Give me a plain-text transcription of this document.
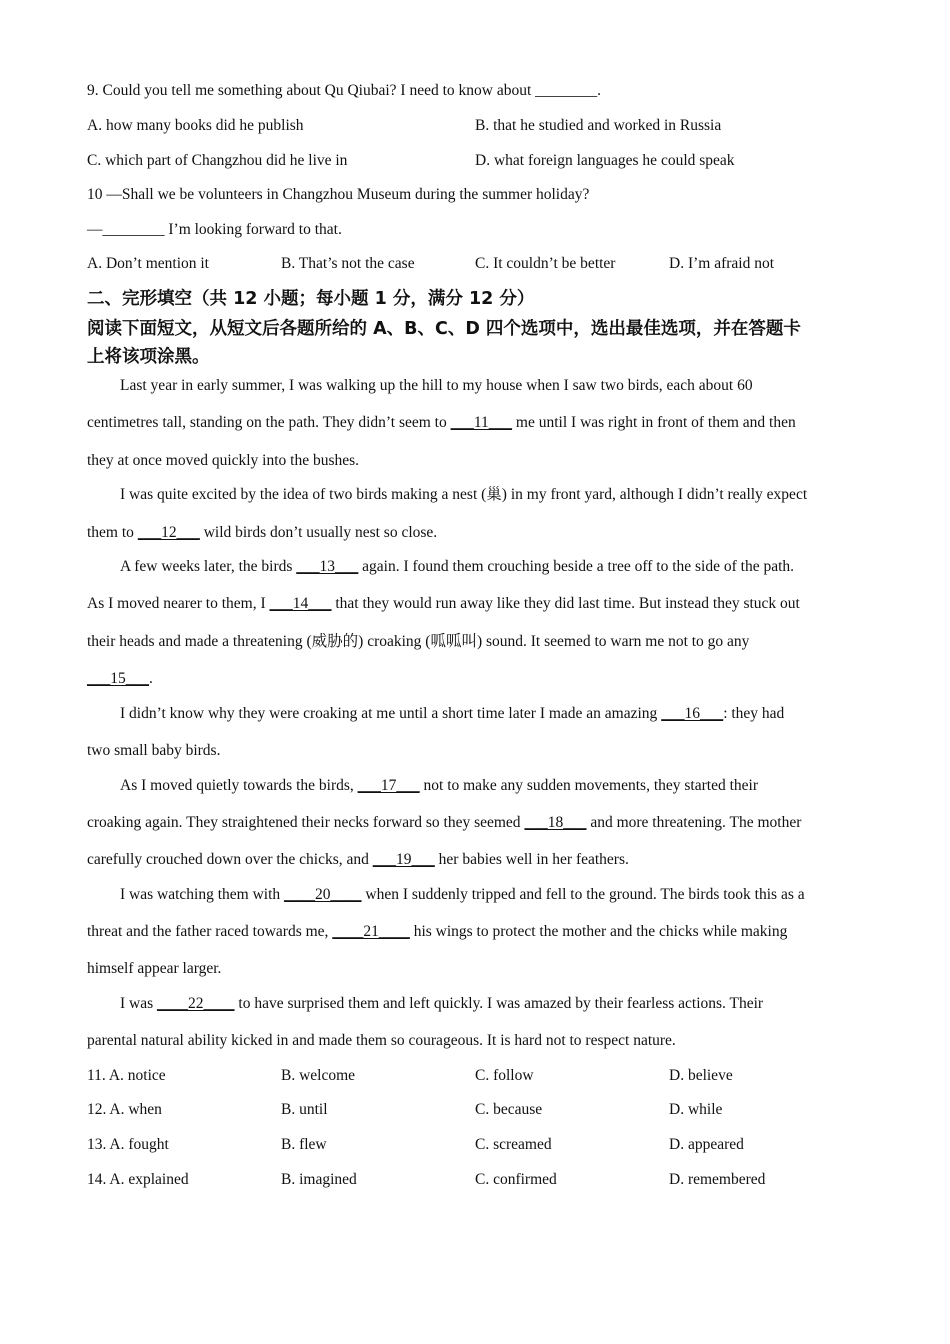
9. Could you tell me something about Qu Qiubai? I need to know about ________.
A. how many books did he publish	B. that he studied and worked in Russia
C. which part of Changzhou did he live in	D. what foreign languages he could speak
10 —Shall we be volunteers in Changzhou Museum during the summer holiday?
—________ I’m looking forward to that.
A. Don’t mention it	B. That’s not the case	C. It couldn’t be better	D. I’m afraid not
二、完形填空（共 12 小题；每小题 1 分，满分 12 分）
阅读下面短文，从短文后各题所给的 A、B、C、D 四个选项中，选出最佳选项，并在答题卡
上将该项涂黑。
Last year in early summer, I was walking up the hill to my house when I saw two birds, each about 60
centimetres tall, standing on the path. They didn’t seem to ___11___ me until I was right in front of them and then
they at once moved quickly into the bushes.
I was quite excited by the idea of two birds making a nest (巢) in my front yard, although I didn’t really expect
them to ___12___ wild birds don’t usually nest so close.
A few weeks later, the birds ___13___ again. I found them crouching beside a tree off to the side of the path.
As I moved nearer to them, I ___14___ that they would run away like they did last time. But instead they stuck out
their heads and made a threatening (威胁的) croaking (呱呱叫) sound. It seemed to warn me not to go any
___15___.
I didn’t know why they were croaking at me until a short time later I made an amazing ___16___: they had
two small baby birds.
As I moved quietly towards the birds, ___17___ not to make any sudden movements, they started their
croaking again. They straightened their necks forward so they seemed ___18___ and more threatening. The mother
carefully crouched down over the chicks, and ___19___ her babies well in her feathers.
I was watching them with ____20____ when I suddenly tripped and fell to the ground. The birds took this as a
threat and the father raced towards me, ____21____ his wings to protect the mother and the chicks while making
himself appear larger.
I was ____22____ to have surprised them and left quickly. I was amazed by their fearless actions. Their
parental natural ability kicked in and made them so courageous. It is hard not to respect nature.
11. A. notice	B. welcome	C. follow	D. believe
12. A. when	B. until	C. because	D. while
13. A. fought	B. flew	C. screamed	D. appeared
14. A. explained	B. imagined	C. confirmed	D. remembered
